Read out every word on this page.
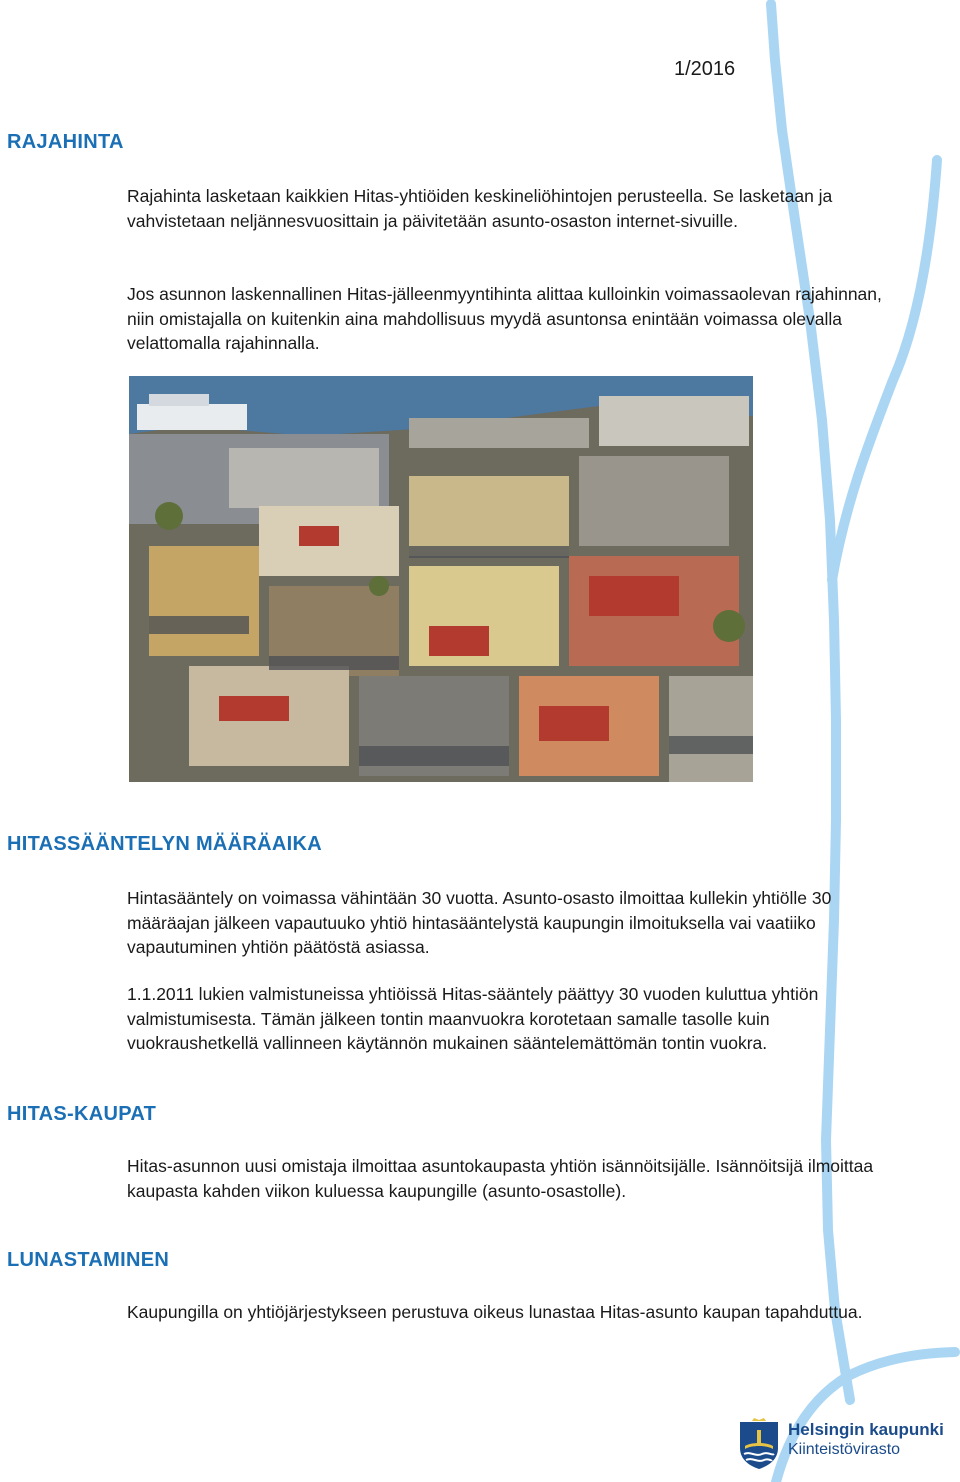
1/2016
RAJAHINTA

Rajahinta lasketaan kaikkien Hitas-yhtiöiden keskineliöhintojen perusteella. Se lasketaan ja vahvistetaan neljännesvuosittain ja päivitetään asunto-osaston internet-sivuille.

Jos asunnon laskennallinen Hitas-jälleenmyyntihinta alittaa kulloinkin voimassaolevan rajahinnan, niin omistajalla on kuitenkin aina mahdollisuus myydä asuntonsa enintään voimassa olevalla velattomalla rajahinnalla.

HITASSÄÄNTELYN MÄÄRÄAIKA

Hintasääntely on voimassa vähintään 30 vuotta. Asunto-osasto ilmoittaa kullekin yhtiölle 30 määräajan jälkeen vapautuuko yhtiö hintasääntelystä kaupungin ilmoituksella vai vaatiiko vapautuminen yhtiön päätöstä asiassa.

1.1.2011 lukien valmistuneissa yhtiöissä Hitas-sääntely päättyy 30 vuoden kuluttua yhtiön valmistumisesta. Tämän jälkeen tontin maanvuokra korotetaan samalle tasolle kuin vuokraushetkellä vallinneen käytännön mukainen sääntelemättömän tontin vuokra.

HITAS-KAUPAT

Hitas-asunnon uusi omistaja ilmoittaa asuntokaupasta yhtiön isännöitsijälle. Isännöitsijä ilmoittaa kaupasta kahden viikon kuluessa kaupungille (asunto-osastolle).

LUNASTAMINEN

Kaupungilla on yhtiöjärjestykseen perustuva oikeus lunastaa Hitas-asunto kaupan tapahduttua.

Helsingin kaupunki
Kiinteistövirasto
